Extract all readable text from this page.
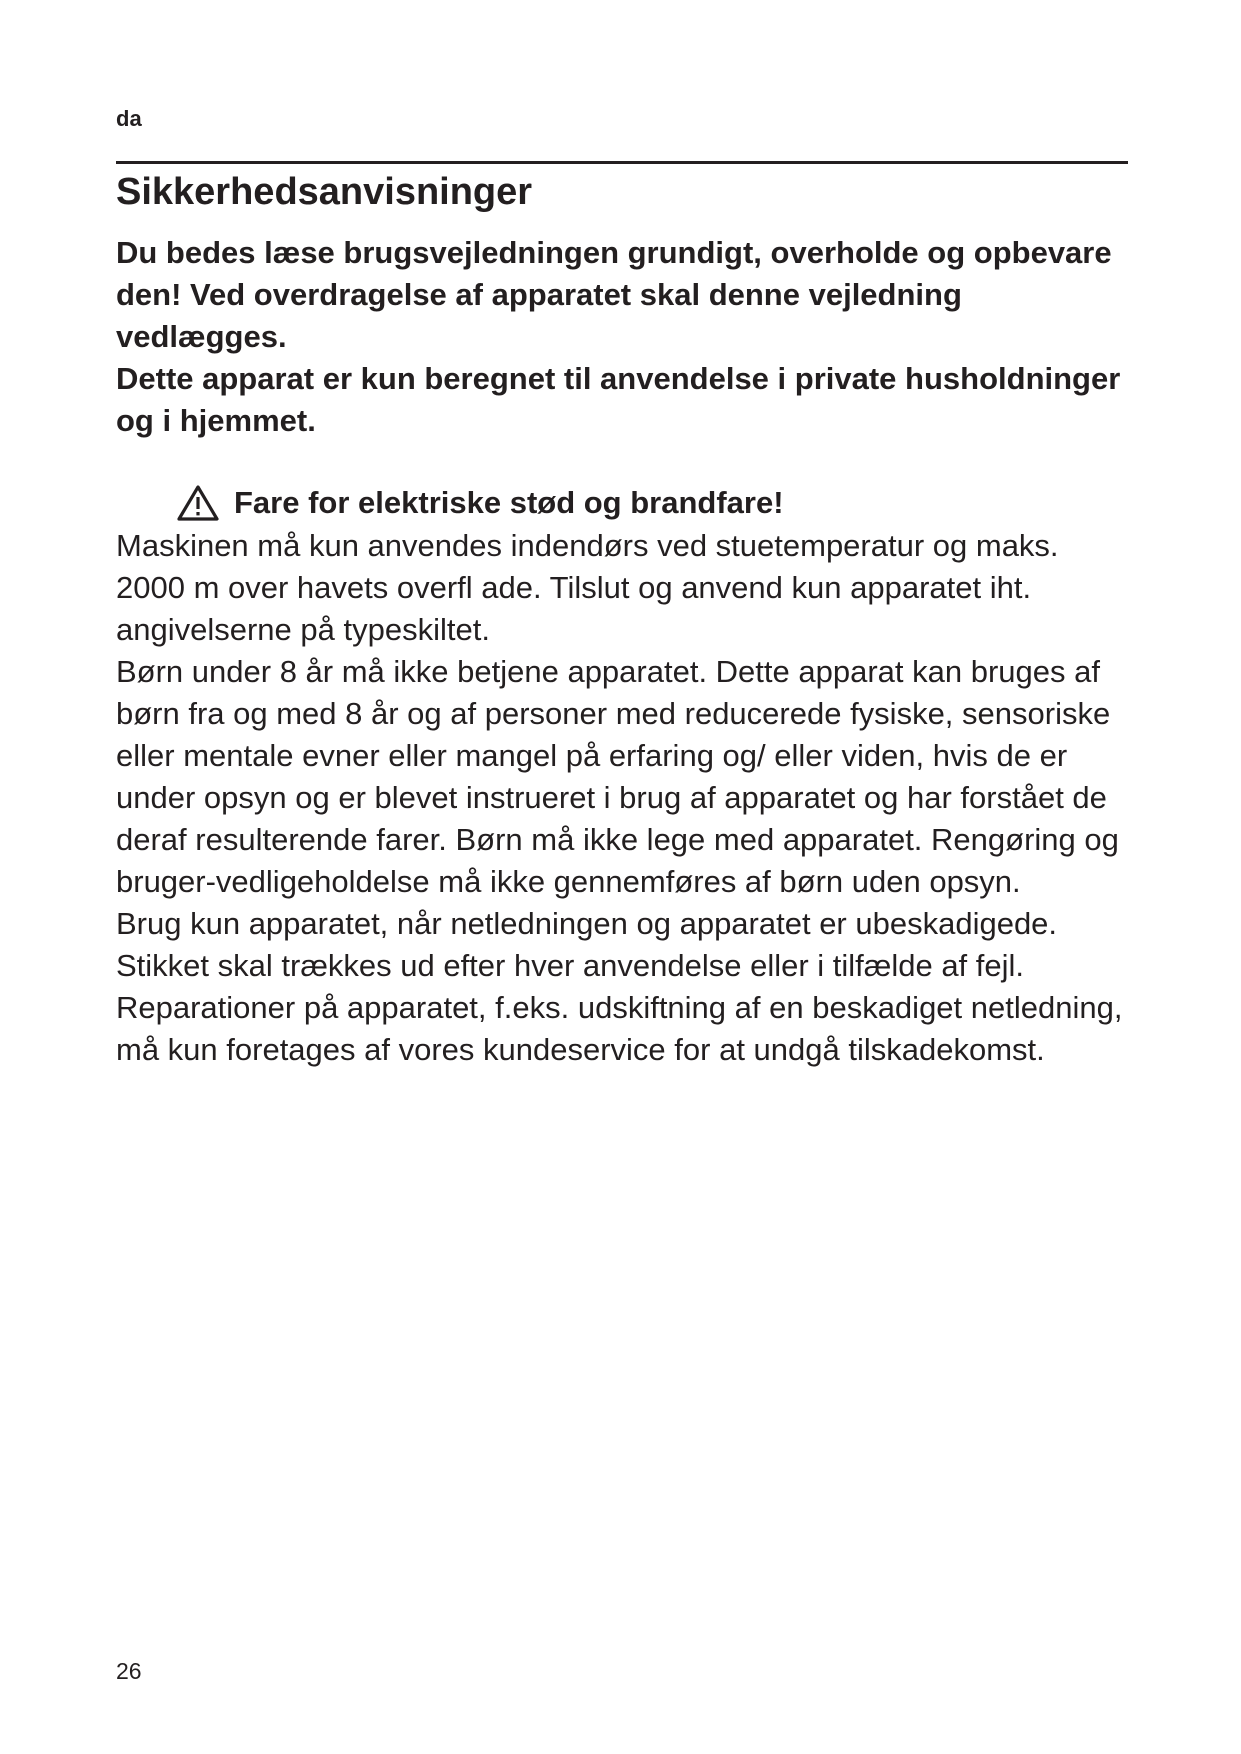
da
Sikkerhedsanvisninger

Du bedes læse brugsvejledningen grundigt, overholde og opbevare den! Ved overdragelse af apparatet skal denne vejledning vedlægges.

Dette apparat er kun beregnet til anvendelse i private husholdninger og i hjemmet.

Fare for elektriske stød og brandfare!

Maskinen må kun anvendes indendørs ved stuetemperatur og maks. 2000 m over havets overfl ade. Tilslut og anvend kun apparatet iht. angivelserne på typeskiltet.

Børn under 8 år må ikke betjene apparatet. Dette apparat kan bruges af børn fra og med 8 år og af personer med reducerede fysiske, sensoriske eller mentale evner eller mangel på erfaring og/ eller viden, hvis de er under opsyn og er blevet instrueret i brug af apparatet og har forstået de deraf resulterende farer. Børn må ikke lege med apparatet. Rengøring og bruger-vedligeholdelse må ikke gennemføres af børn uden opsyn.

Brug kun apparatet, når netledningen og apparatet er ubeskadigede. Stikket skal trækkes ud efter hver anvendelse eller i tilfælde af fejl. Reparationer på apparatet, f.eks. udskiftning af en beskadiget netledning, må kun foretages af vores kundeservice for at undgå tilskadekomst.

26
